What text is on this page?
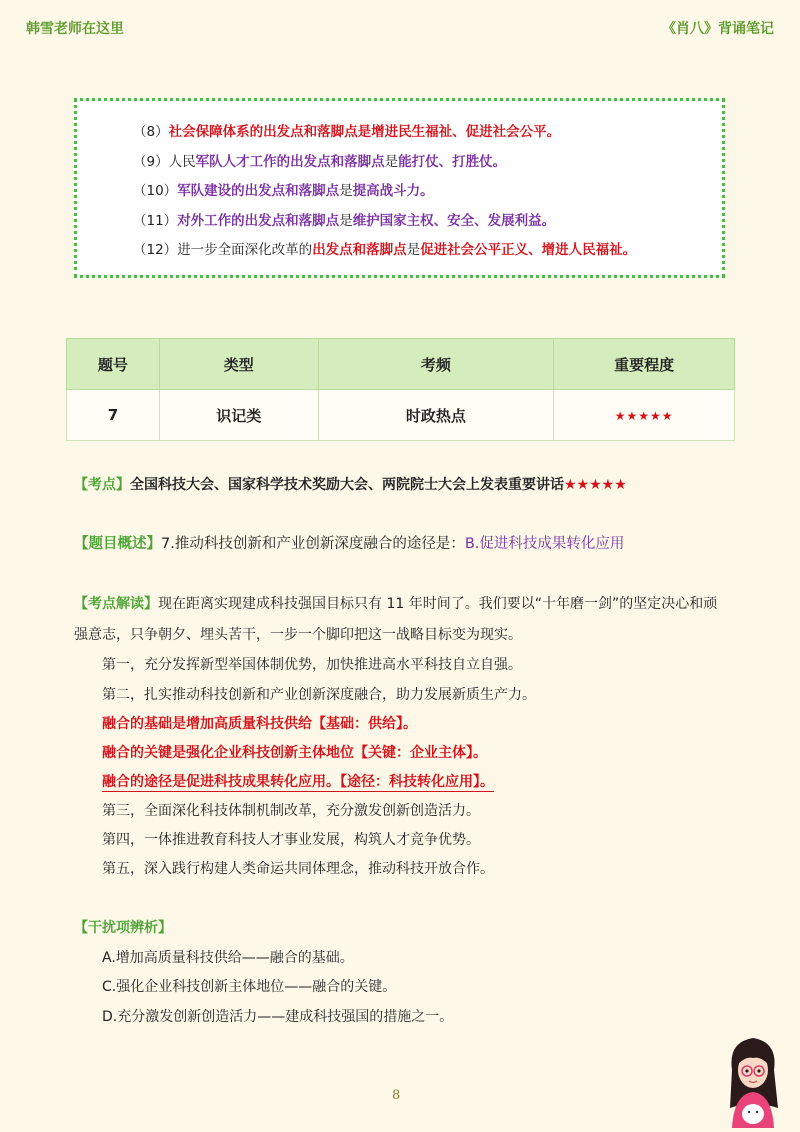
韩雪老师在这里	《肖八》背诵笔记
（8）社会保障体系的出发点和落脚点是增进民生福祉、促进社会公平。
（9）人民军队人才工作的出发点和落脚点是能打仗、打胜仗。
（10）军队建设的出发点和落脚点是提高战斗力。
（11）对外工作的出发点和落脚点是维护国家主权、安全、发展利益。
（12）进一步全面深化改革的出发点和落脚点是促进社会公平正义、增进人民福祉。
题号	类型	考频	重要程度
7	识记类	时政热点	★★★★★
【考点】全国科技大会、国家科学技术奖励大会、两院院士大会上发表重要讲话★★★★★
【题目概述】7.推动科技创新和产业创新深度融合的途径是：B.促进科技成果转化应用
【考点解读】现在距离实现建成科技强国目标只有 11 年时间了。我们要以“十年磨一剑”的坚定决心和顽
强意志，只争朝夕、埋头苦干，一步一个脚印把这一战略目标变为现实。
第一，充分发挥新型举国体制优势，加快推进高水平科技自立自强。
第二，扎实推动科技创新和产业创新深度融合，助力发展新质生产力。
融合的基础是增加高质量科技供给【基础：供给】。
融合的关键是强化企业科技创新主体地位【关键：企业主体】。
融合的途径是促进科技成果转化应用。【途径：科技转化应用】。
第三，全面深化科技体制机制改革，充分激发创新创造活力。
第四，一体推进教育科技人才事业发展，构筑人才竞争优势。
第五，深入践行构建人类命运共同体理念，推动科技开放合作。
【干扰项辨析】
A.增加高质量科技供给——融合的基础。
C.强化企业科技创新主体地位——融合的关键。
D.充分激发创新创造活力——建成科技强国的措施之一。
8
